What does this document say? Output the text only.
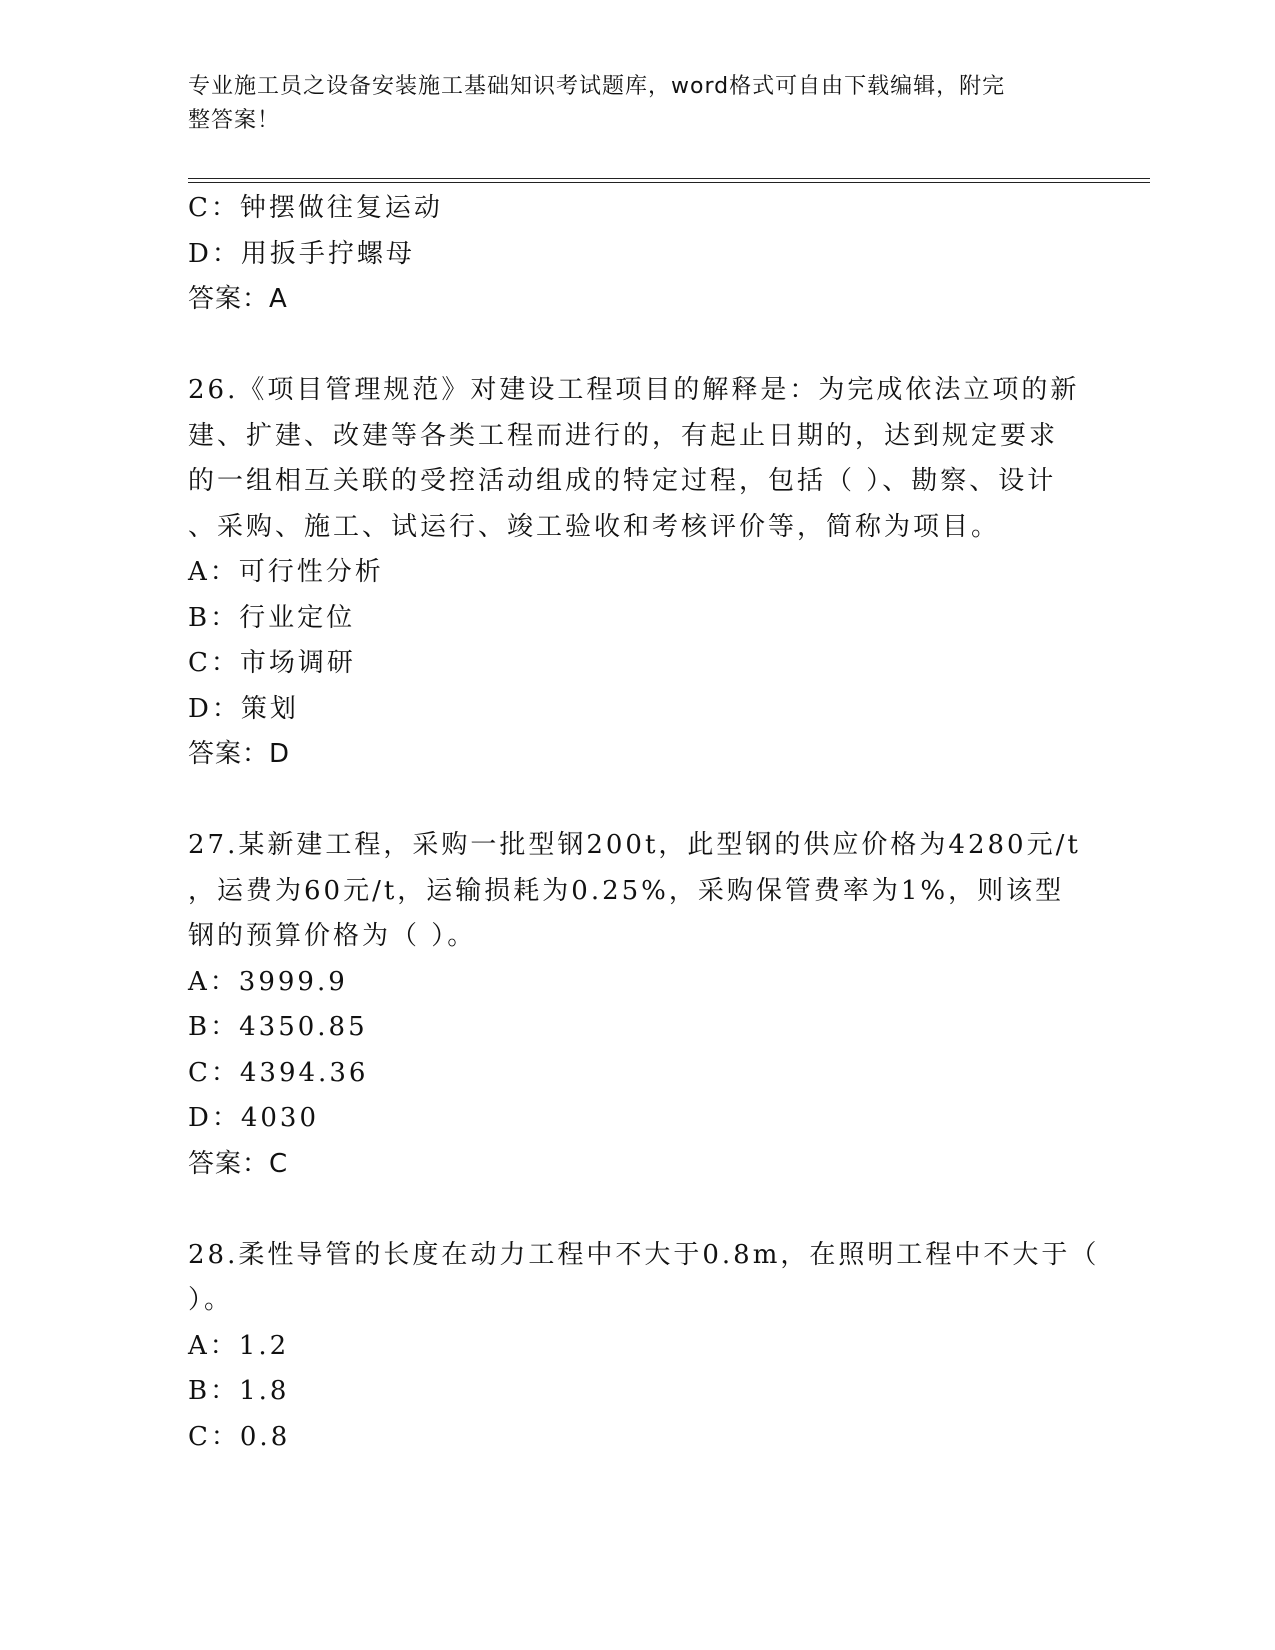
专业施工员之设备安装施工基础知识考试题库，word格式可自由下载编辑，附完
整答案！

C：钟摆做往复运动

D：用扳手拧螺母

答案：A

26.《项目管理规范》对建设工程项目的解释是：为完成依法立项的新

建、扩建、改建等各类工程而进行的，有起止日期的，达到规定要求

的一组相互关联的受控活动组成的特定过程，包括（ ）、勘察、设计

、采购、施工、试运行、竣工验收和考核评价等，简称为项目。

A：可行性分析

B：行业定位

C：市场调研

D：策划

答案：D

27.某新建工程，采购一批型钢200t，此型钢的供应价格为4280元/t

，运费为60元/t，运输损耗为0.25%，采购保管费率为1%，则该型

钢的预算价格为（ ）。

A：3999.9

B：4350.85

C：4394.36

D：4030

答案：C

28.柔性导管的长度在动力工程中不大于0.8m，在照明工程中不大于（

）。

A：1.2

B：1.8

C：0.8
